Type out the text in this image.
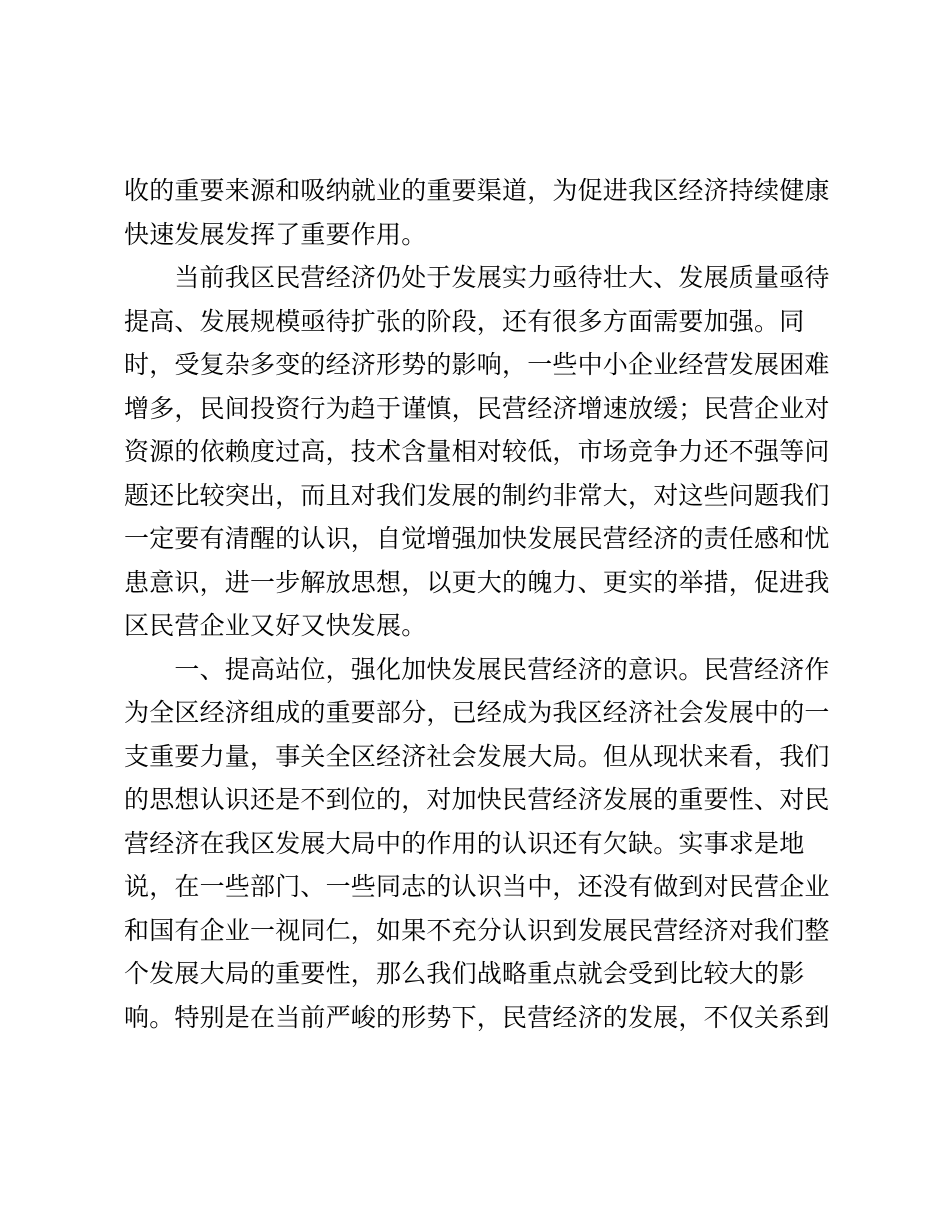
收的重要来源和吸纳就业的重要渠道，为促进我区经济持续健康
快速发展发挥了重要作用。
　　当前我区民营经济仍处于发展实力亟待壮大、发展质量亟待
提高、发展规模亟待扩张的阶段，还有很多方面需要加强。同
时，受复杂多变的经济形势的影响，一些中小企业经营发展困难
增多，民间投资行为趋于谨慎，民营经济增速放缓；民营企业对
资源的依赖度过高，技术含量相对较低，市场竞争力还不强等问
题还比较突出，而且对我们发展的制约非常大，对这些问题我们
一定要有清醒的认识，自觉增强加快发展民营经济的责任感和忧
患意识，进一步解放思想，以更大的魄力、更实的举措，促进我
区民营企业又好又快发展。
　　一、提高站位，强化加快发展民营经济的意识。民营经济作
为全区经济组成的重要部分，已经成为我区经济社会发展中的一
支重要力量，事关全区经济社会发展大局。但从现状来看，我们
的思想认识还是不到位的，对加快民营经济发展的重要性、对民
营经济在我区发展大局中的作用的认识还有欠缺。实事求是地
说，在一些部门、一些同志的认识当中，还没有做到对民营企业
和国有企业一视同仁，如果不充分认识到发展民营经济对我们整
个发展大局的重要性，那么我们战略重点就会受到比较大的影
响。特别是在当前严峻的形势下，民营经济的发展，不仅关系到
